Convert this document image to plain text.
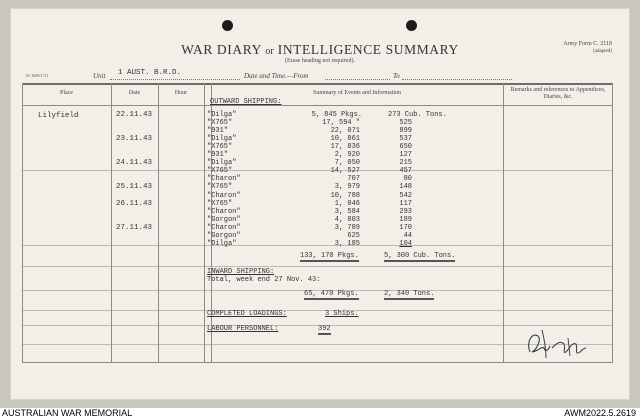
WAR DIARY or INTELLIGENCE SUMMARY
(Erase heading not required).
Army Form C. 2118
(adapted)
W. 3008/1711	Unit 1 AUST. B.R.D.	Date and Time.—From	To
Place	Date	Hour	Summary of Events and Information	Remarks and references to Appendices, Diaries, &c.
OUTWARD SHIPPING:
Lilyfield	22.11.43	"Dilga"	5, 845 Pkgs.	273 Cub. Tons.
"X765"	17, 594 "	525
"931"	22, 071	899
23.11.43	"Dilga"	10, 861	537
"X765"	17, 836	650
"931"	2, 920	127
24.11.43	"Dilga"	7, 050	215
"X765"	14, 527	457
"Charon"	707	80
25.11.43	"X765"	3, 979	148
"Charon"	10, 788	542
26.11.43	"X765"	1, 046	117
"Charon"	3, 584	293
"Gorgon"	4, 803	189
27.11.43	"Charon"	3, 789	170
"Gorgon"	625	44
"Dilga"	3, 185	104
133, 170 Pkgs.	5, 300 Cub. Tons.
INWARD SHIPPING:
Total, week end 27 Nov. 43:
65, 470 Pkgs.	2, 340 Tons.
COMPLETED LOADINGS:	3 Ships.
LABOUR PERSONNEL:	392
AUSTRALIAN WAR MEMORIAL	AWM2022.5.2619
